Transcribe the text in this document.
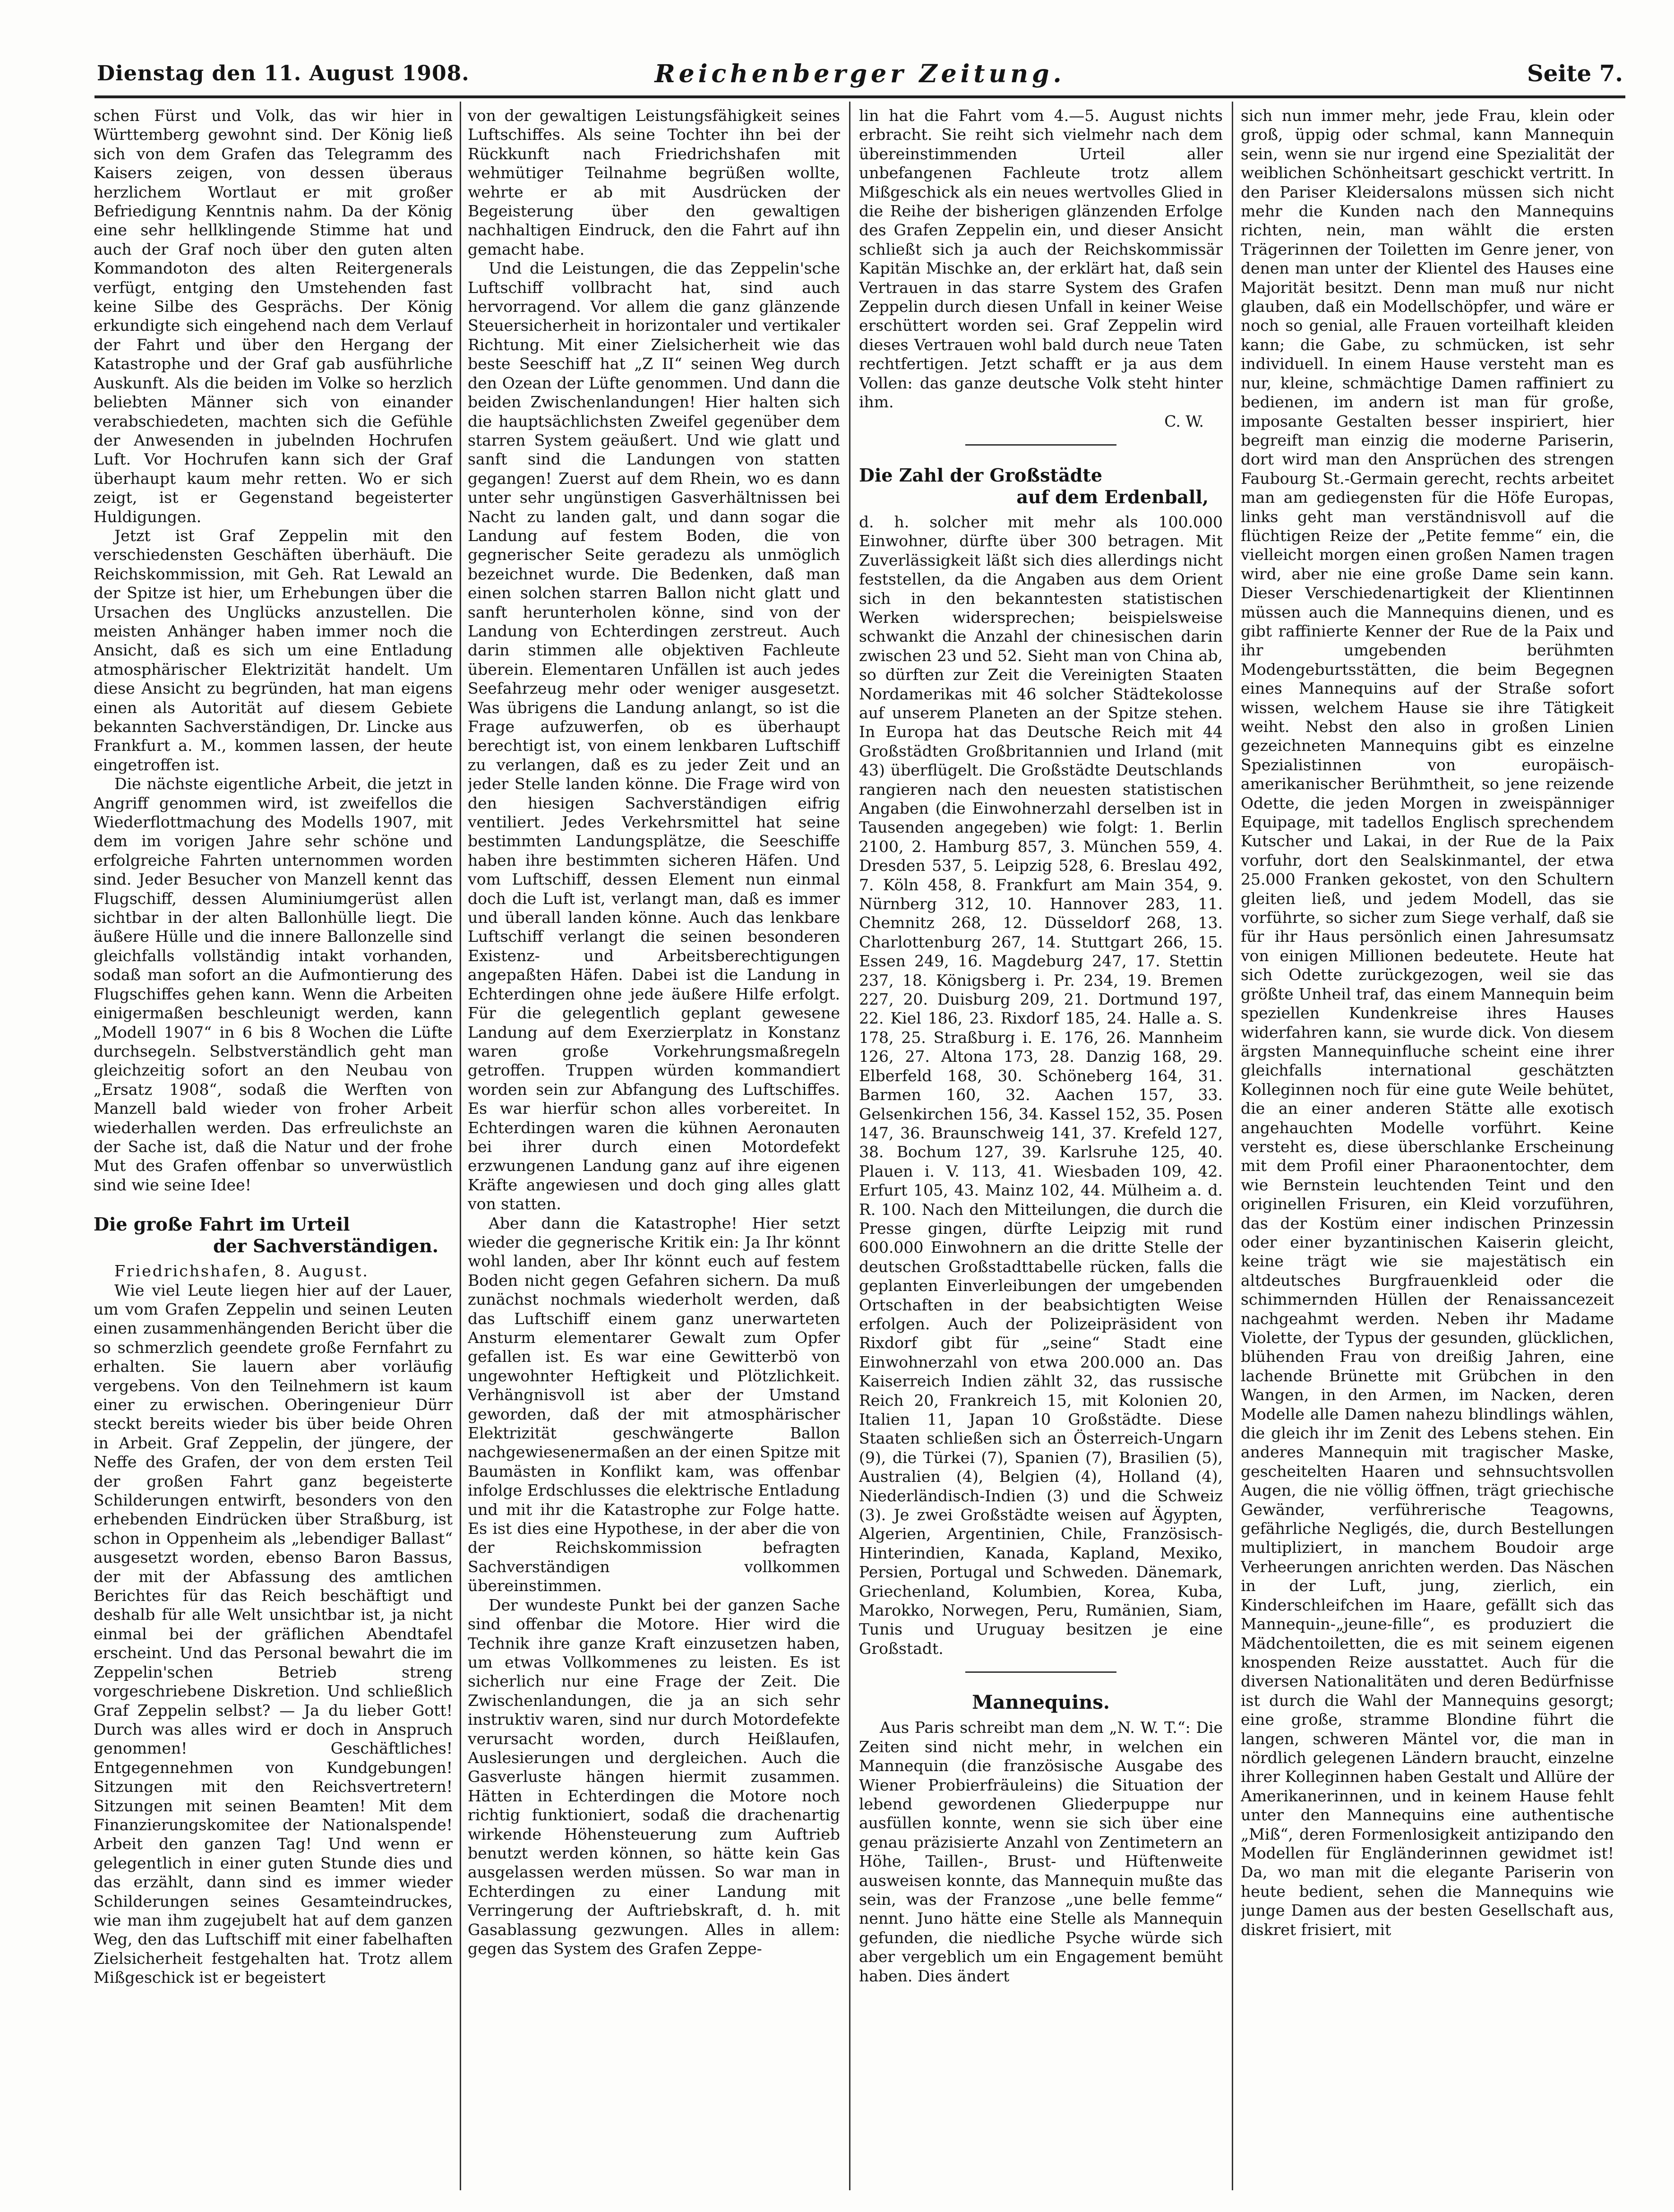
Dienstag den 11. August 1908.	Reichenberger Zeitung.	Seite 7.

schen Fürst und Volk, das wir hier in Württemberg gewohnt sind. Der König ließ sich von dem Grafen das Telegramm des Kaisers zeigen, von dessen überaus herzlichem Wortlaut er mit großer Befriedigung Kenntnis nahm. Da der König eine sehr hellklingende Stimme hat und auch der Graf noch über den guten alten Kommandoton des alten Reitergenerals verfügt, entging den Umstehenden fast keine Silbe des Gesprächs. Der König erkundigte sich eingehend nach dem Verlauf der Fahrt und über den Hergang der Katastrophe und der Graf gab ausführliche Auskunft. Als die beiden im Volke so herzlich beliebten Männer sich von einander verabschiedeten, machten sich die Gefühle der Anwesenden in jubelnden Hochrufen Luft. Vor Hochrufen kann sich der Graf überhaupt kaum mehr retten. Wo er sich zeigt, ist er Gegenstand begeisterter Huldigungen.

Jetzt ist Graf Zeppelin mit den verschiedensten Geschäften überhäuft. Die Reichskommission, mit Geh. Rat Lewald an der Spitze ist hier, um Erhebungen über die Ursachen des Unglücks anzustellen. Die meisten Anhänger haben immer noch die Ansicht, daß es sich um eine Entladung atmosphärischer Elektrizität handelt. Um diese Ansicht zu begründen, hat man eigens einen als Autorität auf diesem Gebiete bekannten Sachverständigen, Dr. Lincke aus Frankfurt a. M., kommen lassen, der heute eingetroffen ist.

Die nächste eigentliche Arbeit, die jetzt in Angriff genommen wird, ist zweifellos die Wiederflottmachung des Modells 1907, mit dem im vorigen Jahre sehr schöne und erfolgreiche Fahrten unternommen worden sind. Jeder Besucher von Manzell kennt das Flugschiff, dessen Aluminiumgerüst allen sichtbar in der alten Ballonhülle liegt. Die äußere Hülle und die innere Ballonzelle sind gleichfalls vollständig intakt vorhanden, sodaß man sofort an die Aufmontierung des Flugschiffes gehen kann. Wenn die Arbeiten einigermaßen beschleunigt werden, kann „Modell 1907“ in 6 bis 8 Wochen die Lüfte durchsegeln. Selbstverständlich geht man gleichzeitig sofort an den Neubau von „Ersatz 1908“, sodaß die Werften von Manzell bald wieder von froher Arbeit wiederhallen werden. Das erfreulichste an der Sache ist, daß die Natur und der frohe Mut des Grafen offenbar so unverwüstlich sind wie seine Idee!

Die große Fahrt im Urteil
der Sachverständigen.

Friedrichshafen, 8. August.

Wie viel Leute liegen hier auf der Lauer, um vom Grafen Zeppelin und seinen Leuten einen zusammenhängenden Bericht über die so schmerzlich geendete große Fernfahrt zu erhalten. Sie lauern aber vorläufig vergebens. Von den Teilnehmern ist kaum einer zu erwischen. Oberingenieur Dürr steckt bereits wieder bis über beide Ohren in Arbeit. Graf Zeppelin, der jüngere, der Neffe des Grafen, der von dem ersten Teil der großen Fahrt ganz begeisterte Schilderungen entwirft, besonders von den erhebenden Eindrücken über Straßburg, ist schon in Oppenheim als „lebendiger Ballast“ ausgesetzt worden, ebenso Baron Bassus, der mit der Abfassung des amtlichen Berichtes für das Reich beschäftigt und deshalb für alle Welt unsichtbar ist, ja nicht einmal bei der gräflichen Abendtafel erscheint. Und das Personal bewahrt die im Zeppelin'schen Betrieb streng vorgeschriebene Diskretion. Und schließlich Graf Zeppelin selbst? — Ja du lieber Gott! Durch was alles wird er doch in Anspruch genommen! Geschäftliches! Entgegennehmen von Kundgebungen! Sitzungen mit den Reichsvertretern! Sitzungen mit seinen Beamten! Mit dem Finanzierungskomitee der Nationalspende! Arbeit den ganzen Tag! Und wenn er gelegentlich in einer guten Stunde dies und das erzählt, dann sind es immer wieder Schilderungen seines Gesamteindruckes, wie man ihm zugejubelt hat auf dem ganzen Weg, den das Luftschiff mit einer fabelhaften Zielsicherheit festgehalten hat. Trotz allem Mißgeschick ist er begeistert

von der gewaltigen Leistungsfähigkeit seines Luftschiffes. Als seine Tochter ihn bei der Rückkunft nach Friedrichshafen mit wehmütiger Teilnahme begrüßen wollte, wehrte er ab mit Ausdrücken der Begeisterung über den gewaltigen nachhaltigen Eindruck, den die Fahrt auf ihn gemacht habe.

Und die Leistungen, die das Zeppelin'sche Luftschiff vollbracht hat, sind auch hervorragend. Vor allem die ganz glänzende Steuersicherheit in horizontaler und vertikaler Richtung. Mit einer Zielsicherheit wie das beste Seeschiff hat „Z II“ seinen Weg durch den Ozean der Lüfte genommen. Und dann die beiden Zwischenlandungen! Hier halten sich die hauptsächlichsten Zweifel gegenüber dem starren System geäußert. Und wie glatt und sanft sind die Landungen von statten gegangen! Zuerst auf dem Rhein, wo es dann unter sehr ungünstigen Gasverhältnissen bei Nacht zu landen galt, und dann sogar die Landung auf festem Boden, die von gegnerischer Seite geradezu als unmöglich bezeichnet wurde. Die Bedenken, daß man einen solchen starren Ballon nicht glatt und sanft herunterholen könne, sind von der Landung von Echterdingen zerstreut. Auch darin stimmen alle objektiven Fachleute überein. Elementaren Unfällen ist auch jedes Seefahrzeug mehr oder weniger ausgesetzt. Was übrigens die Landung anlangt, so ist die Frage aufzuwerfen, ob es überhaupt berechtigt ist, von einem lenkbaren Luftschiff zu verlangen, daß es zu jeder Zeit und an jeder Stelle landen könne. Die Frage wird von den hiesigen Sachverständigen eifrig ventiliert. Jedes Verkehrsmittel hat seine bestimmten Landungsplätze, die Seeschiffe haben ihre bestimmten sicheren Häfen. Und vom Luftschiff, dessen Element nun einmal doch die Luft ist, verlangt man, daß es immer und überall landen könne. Auch das lenkbare Luftschiff verlangt die seinen besonderen Existenz- und Arbeitsberechtigungen angepaßten Häfen. Dabei ist die Landung in Echterdingen ohne jede äußere Hilfe erfolgt. Für die gelegentlich geplant gewesene Landung auf dem Exerzierplatz in Konstanz waren große Vorkehrungsmaßregeln getroffen. Truppen würden kommandiert worden sein zur Abfangung des Luftschiffes. Es war hierfür schon alles vorbereitet. In Echterdingen waren die kühnen Aeronauten bei ihrer durch einen Motordefekt erzwungenen Landung ganz auf ihre eigenen Kräfte angewiesen und doch ging alles glatt von statten.

Aber dann die Katastrophe! Hier setzt wieder die gegnerische Kritik ein: Ja Ihr könnt wohl landen, aber Ihr könnt euch auf festem Boden nicht gegen Gefahren sichern. Da muß zunächst nochmals wiederholt werden, daß das Luftschiff einem ganz unerwarteten Ansturm elementarer Gewalt zum Opfer gefallen ist. Es war eine Gewitterbö von ungewohnter Heftigkeit und Plötzlichkeit. Verhängnisvoll ist aber der Umstand geworden, daß der mit atmosphärischer Elektrizität geschwängerte Ballon nachgewiesenermaßen an der einen Spitze mit Baumästen in Konflikt kam, was offenbar infolge Erdschlusses die elektrische Entladung und mit ihr die Katastrophe zur Folge hatte. Es ist dies eine Hypothese, in der aber die von der Reichskommission befragten Sachverständigen vollkommen übereinstimmen.

Der wundeste Punkt bei der ganzen Sache sind offenbar die Motore. Hier wird die Technik ihre ganze Kraft einzusetzen haben, um etwas Vollkommenes zu leisten. Es ist sicherlich nur eine Frage der Zeit. Die Zwischenlandungen, die ja an sich sehr instruktiv waren, sind nur durch Motordefekte verursacht worden, durch Heißlaufen, Auslesierungen und dergleichen. Auch die Gasverluste hängen hiermit zusammen. Hätten in Echterdingen die Motore noch richtig funktioniert, sodaß die drachenartig wirkende Höhensteuerung zum Auftrieb benutzt werden können, so hätte kein Gas ausgelassen werden müssen. So war man in Echterdingen zu einer Landung mit Verringerung der Auftriebskraft, d. h. mit Gasablassung gezwungen. Alles in allem: gegen das System des Grafen Zeppe-

lin hat die Fahrt vom 4.—5. August nichts erbracht. Sie reiht sich vielmehr nach dem übereinstimmenden Urteil aller unbefangenen Fachleute trotz allem Mißgeschick als ein neues wertvolles Glied in die Reihe der bisherigen glänzenden Erfolge des Grafen Zeppelin ein, und dieser Ansicht schließt sich ja auch der Reichskommissär Kapitän Mischke an, der erklärt hat, daß sein Vertrauen in das starre System des Grafen Zeppelin durch diesen Unfall in keiner Weise erschüttert worden sei. Graf Zeppelin wird dieses Vertrauen wohl bald durch neue Taten rechtfertigen. Jetzt schafft er ja aus dem Vollen: das ganze deutsche Volk steht hinter ihm.

C. W.

Die Zahl der Großstädte
auf dem Erdenball,

d. h. solcher mit mehr als 100.000 Einwohner, dürfte über 300 betragen. Mit Zuverlässigkeit läßt sich dies allerdings nicht feststellen, da die Angaben aus dem Orient sich in den bekanntesten statistischen Werken widersprechen; beispielsweise schwankt die Anzahl der chinesischen darin zwischen 23 und 52. Sieht man von China ab, so dürften zur Zeit die Vereinigten Staaten Nordamerikas mit 46 solcher Städtekolosse auf unserem Planeten an der Spitze stehen. In Europa hat das Deutsche Reich mit 44 Großstädten Großbritannien und Irland (mit 43) überflügelt. Die Großstädte Deutschlands rangieren nach den neuesten statistischen Angaben (die Einwohnerzahl derselben ist in Tausenden angegeben) wie folgt: 1. Berlin 2100, 2. Hamburg 857, 3. München 559, 4. Dresden 537, 5. Leipzig 528, 6. Breslau 492, 7. Köln 458, 8. Frankfurt am Main 354, 9. Nürnberg 312, 10. Hannover 283, 11. Chemnitz 268, 12. Düsseldorf 268, 13. Charlottenburg 267, 14. Stuttgart 266, 15. Essen 249, 16. Magdeburg 247, 17. Stettin 237, 18. Königsberg i. Pr. 234, 19. Bremen 227, 20. Duisburg 209, 21. Dortmund 197, 22. Kiel 186, 23. Rixdorf 185, 24. Halle a. S. 178, 25. Straßburg i. E. 176, 26. Mannheim 126, 27. Altona 173, 28. Danzig 168, 29. Elberfeld 168, 30. Schöneberg 164, 31. Barmen 160, 32. Aachen 157, 33. Gelsenkirchen 156, 34. Kassel 152, 35. Posen 147, 36. Braunschweig 141, 37. Krefeld 127, 38. Bochum 127, 39. Karlsruhe 125, 40. Plauen i. V. 113, 41. Wiesbaden 109, 42. Erfurt 105, 43. Mainz 102, 44. Mülheim a. d. R. 100. Nach den Mitteilungen, die durch die Presse gingen, dürfte Leipzig mit rund 600.000 Einwohnern an die dritte Stelle der deutschen Großstadttabelle rücken, falls die geplanten Einverleibungen der umgebenden Ortschaften in der beabsichtigten Weise erfolgen. Auch der Polizeipräsident von Rixdorf gibt für „seine“ Stadt eine Einwohnerzahl von etwa 200.000 an. Das Kaiserreich Indien zählt 32, das russische Reich 20, Frankreich 15, mit Kolonien 20, Italien 11, Japan 10 Großstädte. Diese Staaten schließen sich an Österreich-Ungarn (9), die Türkei (7), Spanien (7), Brasilien (5), Australien (4), Belgien (4), Holland (4), Niederländisch-Indien (3) und die Schweiz (3). Je zwei Großstädte weisen auf Ägypten, Algerien, Argentinien, Chile, Französisch-Hinterindien, Kanada, Kapland, Mexiko, Persien, Portugal und Schweden. Dänemark, Griechenland, Kolumbien, Korea, Kuba, Marokko, Norwegen, Peru, Rumänien, Siam, Tunis und Uruguay besitzen je eine Großstadt.

Mannequins.

Aus Paris schreibt man dem „N. W. T.“: Die Zeiten sind nicht mehr, in welchen ein Mannequin (die französische Ausgabe des Wiener Probierfräuleins) die Situation der lebend gewordenen Gliederpuppe nur ausfüllen konnte, wenn sie sich über eine genau präzisierte Anzahl von Zentimetern an Höhe, Taillen-, Brust- und Hüftenweite ausweisen konnte, das Mannequin mußte das sein, was der Franzose „une belle femme“ nennt. Juno hätte eine Stelle als Mannequin gefunden, die niedliche Psyche würde sich aber vergeblich um ein Engagement bemüht haben. Dies ändert

sich nun immer mehr, jede Frau, klein oder groß, üppig oder schmal, kann Mannequin sein, wenn sie nur irgend eine Spezialität der weiblichen Schönheitsart geschickt vertritt. In den Pariser Kleidersalons müssen sich nicht mehr die Kunden nach den Mannequins richten, nein, man wählt die ersten Trägerinnen der Toiletten im Genre jener, von denen man unter der Klientel des Hauses eine Majorität besitzt. Denn man muß nur nicht glauben, daß ein Modellschöpfer, und wäre er noch so genial, alle Frauen vorteilhaft kleiden kann; die Gabe, zu schmücken, ist sehr individuell. In einem Hause versteht man es nur, kleine, schmächtige Damen raffiniert zu bedienen, im andern ist man für große, imposante Gestalten besser inspiriert, hier begreift man einzig die moderne Pariserin, dort wird man den Ansprüchen des strengen Faubourg St.-Germain gerecht, rechts arbeitet man am gediegensten für die Höfe Europas, links geht man verständnisvoll auf die flüchtigen Reize der „Petite femme“ ein, die vielleicht morgen einen großen Namen tragen wird, aber nie eine große Dame sein kann. Dieser Verschiedenartigkeit der Klientinnen müssen auch die Mannequins dienen, und es gibt raffinierte Kenner der Rue de la Paix und ihr umgebenden berühmten Modengeburtsstätten, die beim Begegnen eines Mannequins auf der Straße sofort wissen, welchem Hause sie ihre Tätigkeit weiht. Nebst den also in großen Linien gezeichneten Mannequins gibt es einzelne Spezialistinnen von europäisch-amerikanischer Berühmtheit, so jene reizende Odette, die jeden Morgen in zweispänniger Equipage, mit tadellos Englisch sprechendem Kutscher und Lakai, in der Rue de la Paix vorfuhr, dort den Sealskinmantel, der etwa 25.000 Franken gekostet, von den Schultern gleiten ließ, und jedem Modell, das sie vorführte, so sicher zum Siege verhalf, daß sie für ihr Haus persönlich einen Jahresumsatz von einigen Millionen bedeutete. Heute hat sich Odette zurückgezogen, weil sie das größte Unheil traf, das einem Mannequin beim speziellen Kundenkreise ihres Hauses widerfahren kann, sie wurde dick. Von diesem ärgsten Mannequinfluche scheint eine ihrer gleichfalls international geschätzten Kolleginnen noch für eine gute Weile behütet, die an einer anderen Stätte alle exotisch angehauchten Modelle vorführt. Keine versteht es, diese überschlanke Erscheinung mit dem Profil einer Pharaonentochter, dem wie Bernstein leuchtenden Teint und den originellen Frisuren, ein Kleid vorzuführen, das der Kostüm einer indischen Prinzessin oder einer byzantinischen Kaiserin gleicht, keine trägt wie sie majestätisch ein altdeutsches Burgfrauenkleid oder die schimmernden Hüllen der Renaissancezeit nachgeahmt werden. Neben ihr Madame Violette, der Typus der gesunden, glücklichen, blühenden Frau von dreißig Jahren, eine lachende Brünette mit Grübchen in den Wangen, in den Armen, im Nacken, deren Modelle alle Damen nahezu blindlings wählen, die gleich ihr im Zenit des Lebens stehen. Ein anderes Mannequin mit tragischer Maske, gescheitelten Haaren und sehnsuchtsvollen Augen, die nie völlig öffnen, trägt griechische Gewänder, verführerische Teagowns, gefährliche Negligés, die, durch Bestellungen multipliziert, in manchem Boudoir arge Verheerungen anrichten werden. Das Näschen in der Luft, jung, zierlich, ein Kinderschleifchen im Haare, gefällt sich das Mannequin-„jeune-fille“, es produziert die Mädchentoiletten, die es mit seinem eigenen knospenden Reize ausstattet. Auch für die diversen Nationalitäten und deren Bedürfnisse ist durch die Wahl der Mannequins gesorgt; eine große, stramme Blondine führt die langen, schweren Mäntel vor, die man in nördlich gelegenen Ländern braucht, einzelne ihrer Kolleginnen haben Gestalt und Allüre der Amerikanerinnen, und in keinem Hause fehlt unter den Mannequins eine authentische „Miß“, deren Formenlosigkeit antizipando den Modellen für Engländerinnen gewidmet ist! Da, wo man mit die elegante Pariserin von heute bedient, sehen die Mannequins wie junge Damen aus der besten Gesellschaft aus, diskret frisiert, mit
